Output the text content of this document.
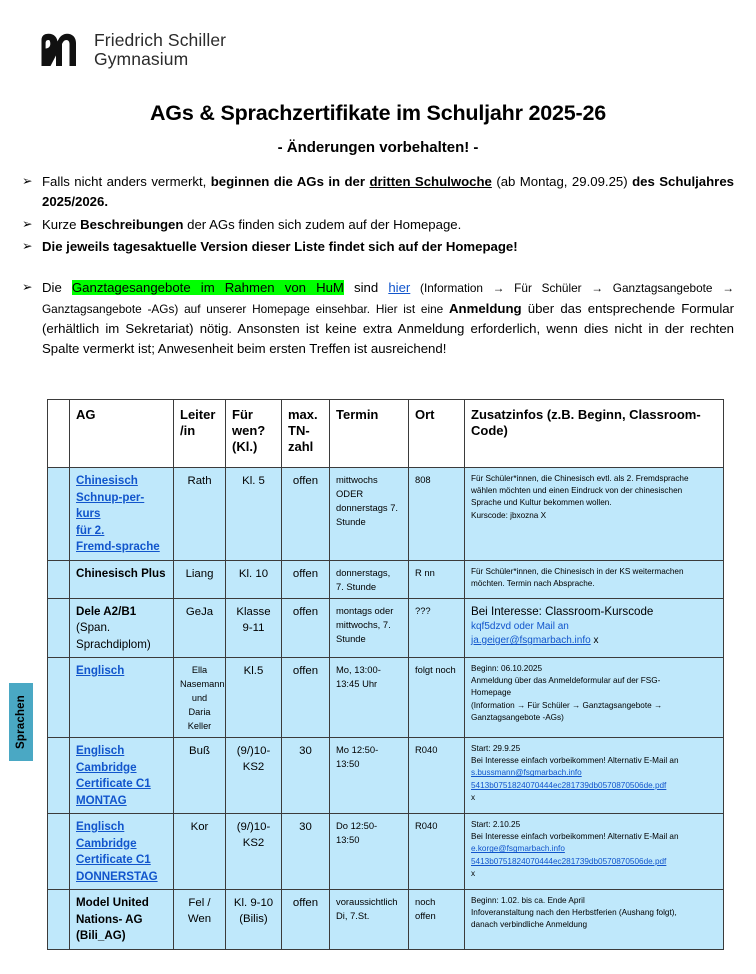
Friedrich Schiller
Gymnasium
AGs & Sprachzertifikate im Schuljahr 2025-26
- Änderungen vorbehalten! -
➢ Falls nicht anders vermerkt, beginnen die AGs in der dritten Schulwoche (ab Montag, 29.09.25) des Schuljahres 2025/2026.
➢ Kurze Beschreibungen der AGs finden sich zudem auf der Homepage.
➢ Die jeweils tagesaktuelle Version dieser Liste findet sich auf der Homepage!
➢ Die Ganztagesangebote im Rahmen von HuM sind hier (Information → Für Schüler → Ganztagsangebote → Ganztagsangebote -AGs) auf unserer Homepage einsehbar. Hier ist eine Anmeldung über das entsprechende Formular (erhältlich im Sekretariat) nötig. Ansonsten ist keine extra Anmeldung erforderlich, wenn dies nicht in der rechten Spalte vermerkt ist; Anwesenheit beim ersten Treffen ist ausreichend!
Sprachen
	AG	Leiter
/in	Für
wen?
(Kl.)	max.
TN-
zahl	Termin	Ort	Zusatzinfos (z.B. Beginn, Classroom-Code)

	Chinesisch
Schnup-per-kurs
für 2.
Fremd-sprache	Rath	Kl. 5	offen	mittwochs
ODER
donnerstags 7.
Stunde	808	Für Schüler*innen, die Chinesisch evtl. als 2. Fremdsprache
wählen möchten und einen Eindruck von der chinesischen
Sprache und Kultur bekommen wollen.
Kurscode: jbxozna X

	Chinesisch Plus	Liang	Kl. 10	offen	donnerstags,
7. Stunde	R nn	Für Schüler*innen, die Chinesisch in der KS weitermachen
möchten. Termin nach Absprache.

	Dele A2/B1
(Span.
Sprachdiplom)	GeJa	Klasse 9-11	offen	montags oder
mittwochs, 7.
Stunde	???	Bei Interesse: Classroom-Kurscode
kqf5dzvd oder Mail an
ja.geiger@fsgmarbach.info x

	Englisch	Ella Nasemann und Daria Keller	Kl.5	offen	Mo, 13:00-
13:45 Uhr	folgt noch	Beginn: 06.10.2025
Anmeldung über das Anmeldeformular auf der FSG-
Homepage
(Information → Für Schüler → Ganztagsangebote →
Ganztagsangebote -AGs)

	Englisch
Cambridge
Certificate C1
MONTAG	Buß	(9/)10-KS2	30	Mo 12:50-
13:50	R040	Start: 29.9.25
Bei Interesse einfach vorbeikommen! Alternativ E-Mail an
s.bussmann@fsgmarbach.info
5413b0751824070444ec281739db0570870506de.pdf
x

	Englisch
Cambridge
Certificate C1
DONNERSTAG	Kor	(9/)10-KS2	30	Do 12:50-
13:50	R040	Start: 2.10.25
Bei Interesse einfach vorbeikommen! Alternativ E-Mail an
e.korge@fsgmarbach.info
5413b0751824070444ec281739db0570870506de.pdf
x

	Model United
Nations- AG
(Bili_AG)	Fel / Wen	Kl. 9-10 (Bilis)	offen	voraussichtlich
Di, 7.St.	noch offen	Beginn: 1.02. bis ca. Ende April
Infoveranstaltung nach den Herbstferien (Aushang folgt),
danach verbindliche Anmeldung
